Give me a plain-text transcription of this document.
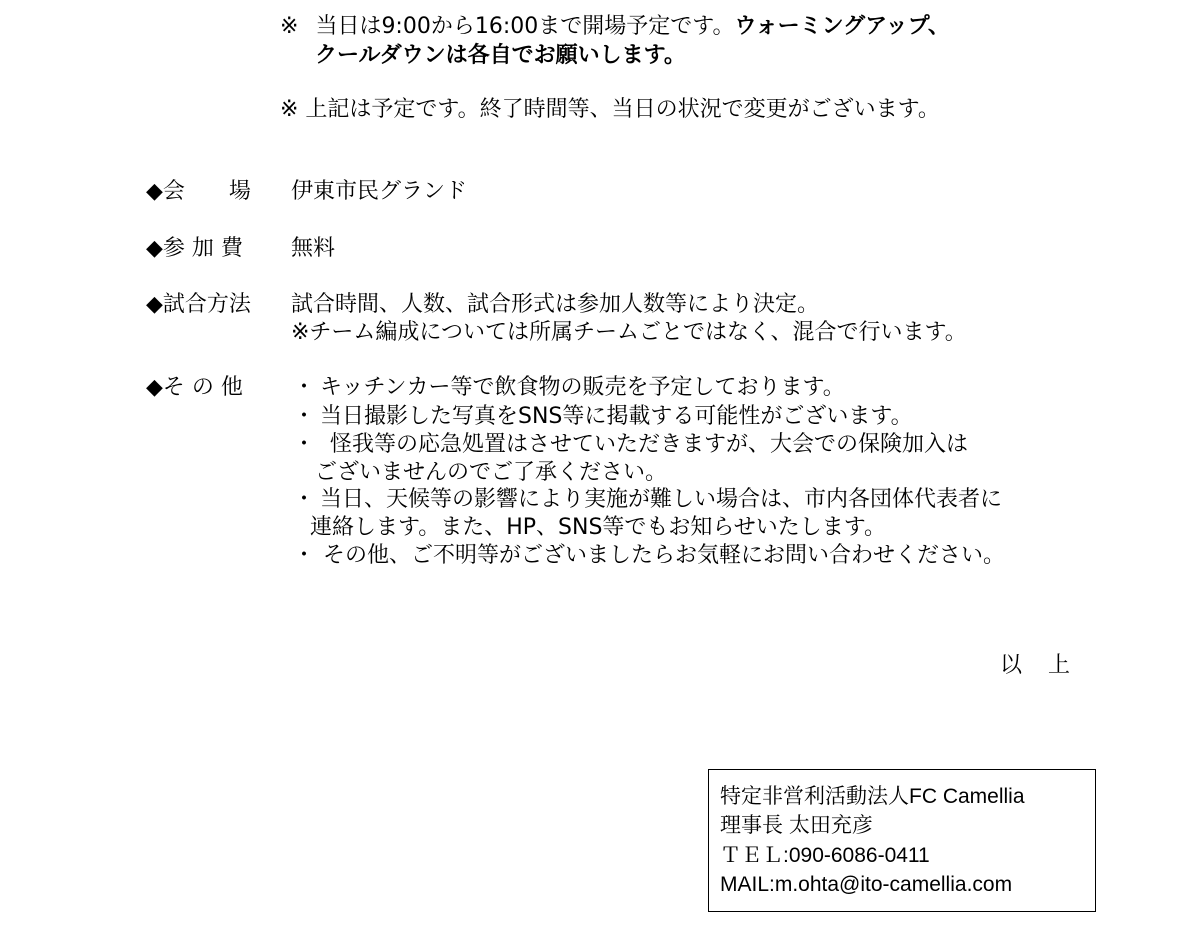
※ 当日は9:00から16:00まで開場予定です。ウォーミングアップ、
クールダウンは各自でお願いします。
※ 上記は予定です。終了時間等、当日の状況で変更がございます。
◆会　　場 伊東市民グランド
◆参 加 費 無料
◆試合方法 試合時間、人数、試合形式は参加人数等により決定。
※チーム編成については所属チームごとではなく、混合で行います。
◆そ の 他 ・ キッチンカー等で飲食物の販売を予定しております。
・ 当日撮影した写真をSNS等に掲載する可能性がございます。
・ 怪我等の応急処置はさせていただきますが、大会での保険加入は
ございませんのでご了承ください。
・ 当日、天候等の影響により実施が難しい場合は、市内各団体代表者に
連絡します。また、HP、SNS等でもお知らせいたします。
・ その他、ご不明等がございましたらお気軽にお問い合わせください。
以　上
特定非営利活動法人FC Camellia
理事長 太田充彦
ＴＥＬ:090-6086-0411
MAIL:m.ohta@ito-camellia.com
